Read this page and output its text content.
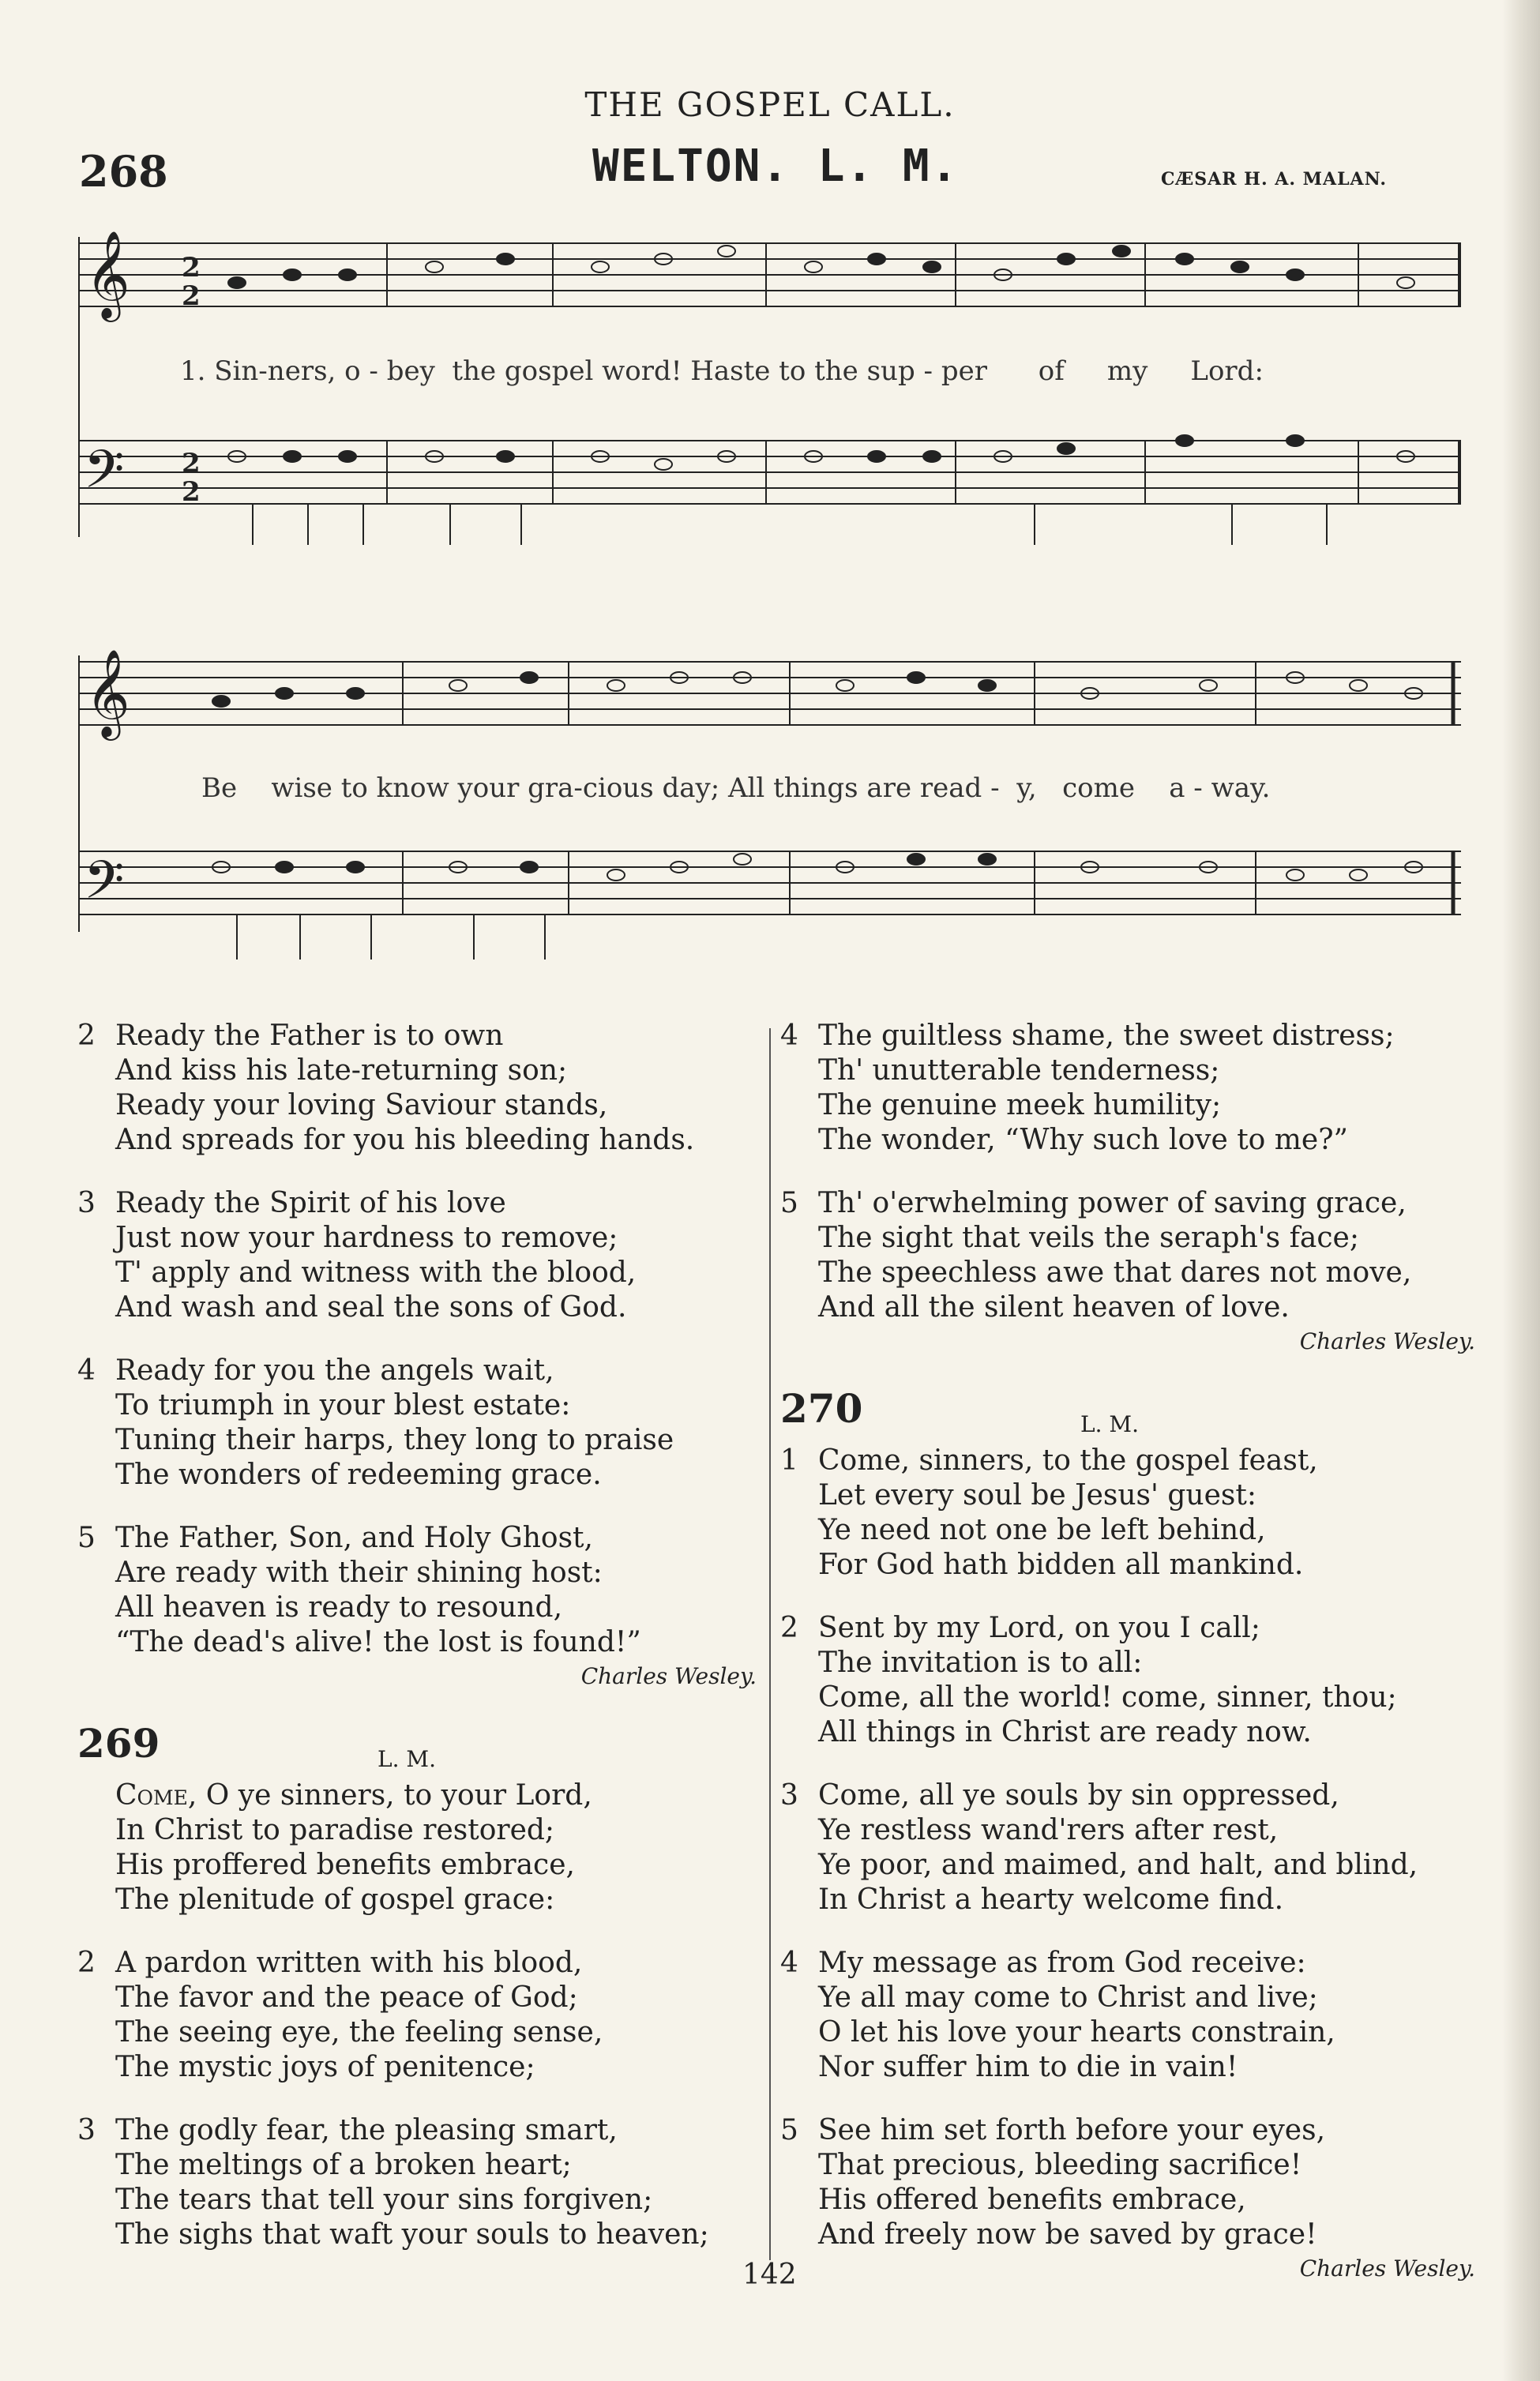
THE GOSPEL CALL.
268	WELTON. L. M.	CÆSAR H. A. MALAN.
𝄞
𝄢
2
2
2
2
1. Sin-ners, o - bey  the gospel word! Haste to the sup - per      of     my     Lord:
𝄞
𝄢
Be    wise to know your gra-cious day; All things are read -  y,   come    a - way.
2 Ready the Father is to own
And kiss his late-returning son;
Ready your loving Saviour stands,
And spreads for you his bleeding hands.
3 Ready the Spirit of his love
Just now your hardness to remove;
T' apply and witness with the blood,
And wash and seal the sons of God.
4 Ready for you the angels wait,
To triumph in your blest estate:
Tuning their harps, they long to praise
The wonders of redeeming grace.
5 The Father, Son, and Holy Ghost,
Are ready with their shining host:
All heaven is ready to resound,
“The dead's alive! the lost is found!”
Charles Wesley.
269	L. M.
Come, O ye sinners, to your Lord,
In Christ to paradise restored;
His proffered benefits embrace,
The plenitude of gospel grace:
2 A pardon written with his blood,
The favor and the peace of God;
The seeing eye, the feeling sense,
The mystic joys of penitence;
3 The godly fear, the pleasing smart,
The meltings of a broken heart;
The tears that tell your sins forgiven;
The sighs that waft your souls to heaven;
4 The guiltless shame, the sweet distress;
Th' unutterable tenderness;
The genuine meek humility;
The wonder, “Why such love to me?”
5 Th' o'erwhelming power of saving grace,
The sight that veils the seraph's face;
The speechless awe that dares not move,
And all the silent heaven of love.
Charles Wesley.
270	L. M.
1 Come, sinners, to the gospel feast,
Let every soul be Jesus' guest:
Ye need not one be left behind,
For God hath bidden all mankind.
2 Sent by my Lord, on you I call;
The invitation is to all:
Come, all the world! come, sinner, thou;
All things in Christ are ready now.
3 Come, all ye souls by sin oppressed,
Ye restless wand'rers after rest,
Ye poor, and maimed, and halt, and blind,
In Christ a hearty welcome find.
4 My message as from God receive:
Ye all may come to Christ and live;
O let his love your hearts constrain,
Nor suffer him to die in vain!
5 See him set forth before your eyes,
That precious, bleeding sacrifice!
His offered benefits embrace,
And freely now be saved by grace!
Charles Wesley.
142
